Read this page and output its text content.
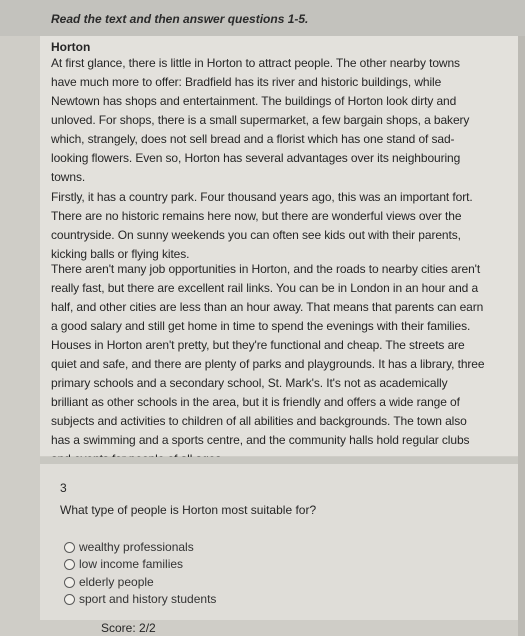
Read the text and then answer questions 1-5.
Horton
At first glance, there is little in Horton to attract people. The other nearby towns
have much more to offer: Bradfield has its river and historic buildings, while
Newtown has shops and entertainment. The buildings of Horton look dirty and
unloved. For shops, there is a small supermarket, a few bargain shops, a bakery
which, strangely, does not sell bread and a florist which has one stand of sad-
looking flowers. Even so, Horton has several advantages over its neighbouring
towns.
Firstly, it has a country park. Four thousand years ago, this was an important fort.
There are no historic remains here now, but there are wonderful views over the
countryside. On sunny weekends you can often see kids out with their parents,
kicking balls or flying kites.
There aren't many job opportunities in Horton, and the roads to nearby cities aren't
really fast, but there are excellent rail links. You can be in London in an hour and a
half, and other cities are less than an hour away. That means that parents can earn
a good salary and still get home in time to spend the evenings with their families.
Houses in Horton aren't pretty, but they're functional and cheap. The streets are
quiet and safe, and there are plenty of parks and playgrounds. It has a library, three
primary schools and a secondary school, St. Mark's. It's not as academically
brilliant as other schools in the area, but it is friendly and offers a wide range of
subjects and activities to children of all abilities and backgrounds. The town also
has a swimming and a sports centre, and the community halls hold regular clubs
3
What type of people is Horton most suitable for?
wealthy professionals
low income families
elderly people
sport and history students
Score: 2/2
